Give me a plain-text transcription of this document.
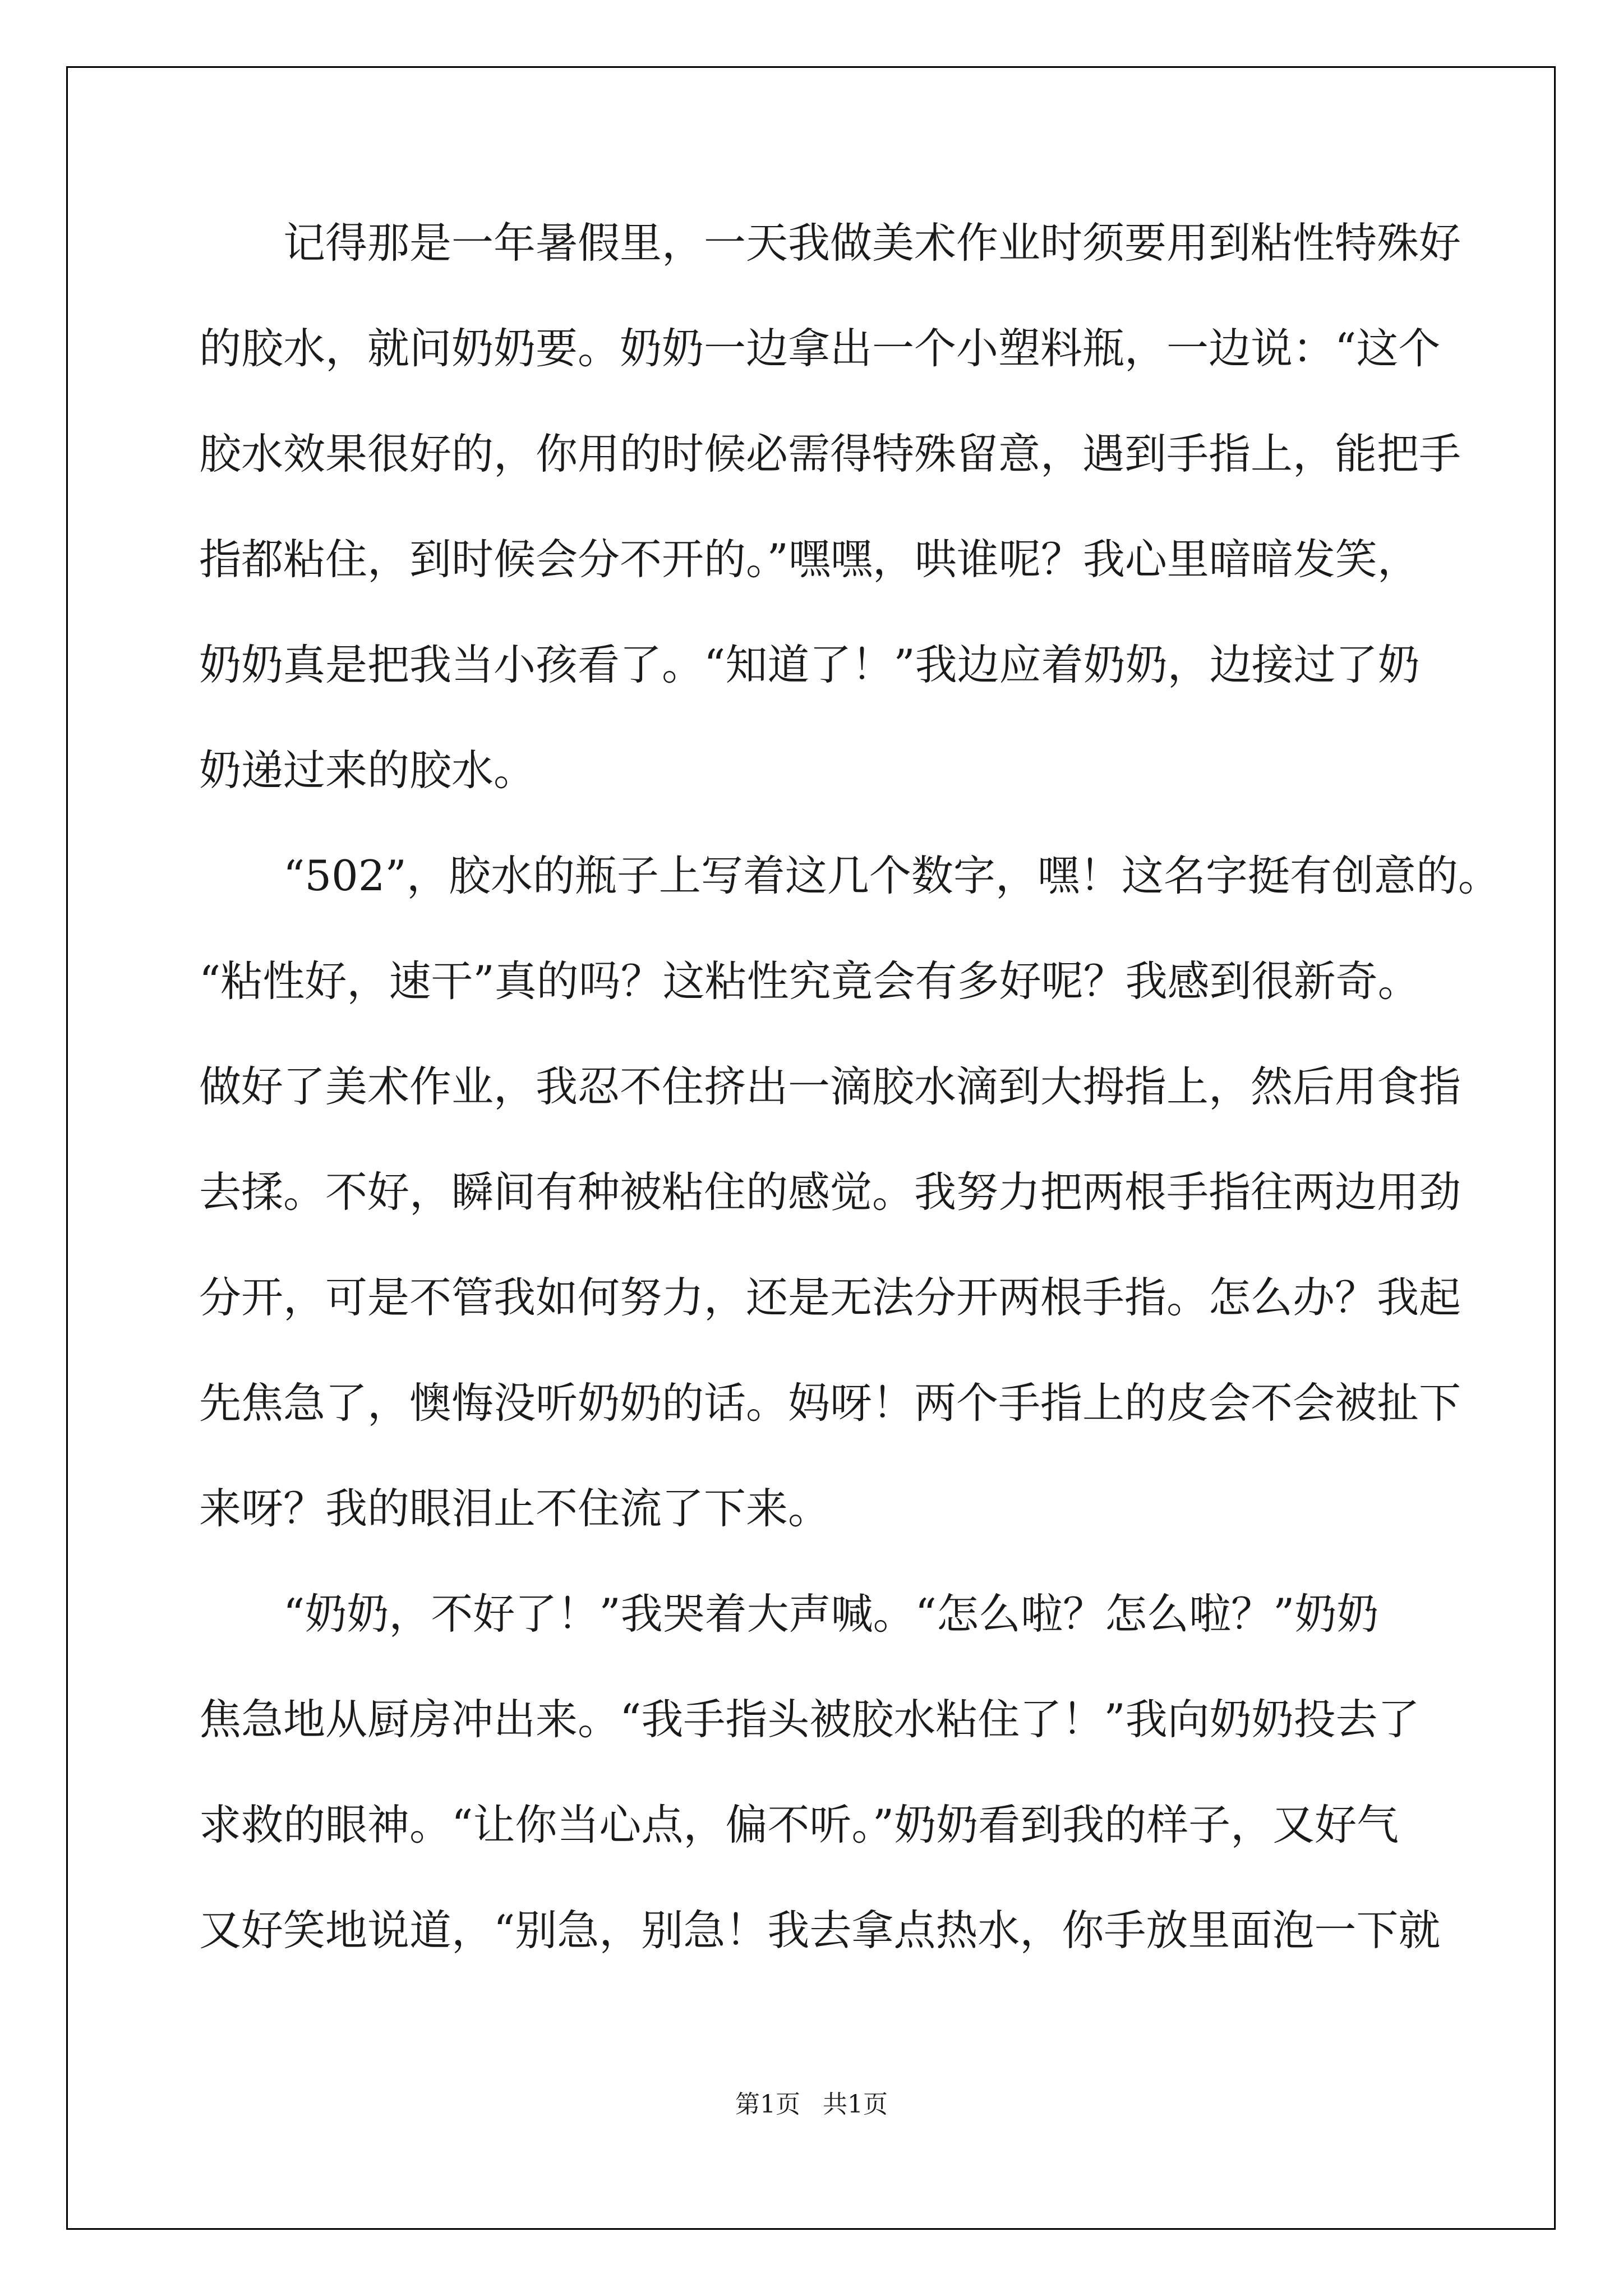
记得那是一年暑假里，一天我做美术作业时须要用到粘性特殊好
的胶水，就问奶奶要。奶奶一边拿出一个小塑料瓶，一边说：“这个
胶水效果很好的，你用的时候必需得特殊留意，遇到手指上，能把手
指都粘住，到时候会分不开的。”嘿嘿，哄谁呢？我心里暗暗发笑，
奶奶真是把我当小孩看了。“知道了！”我边应着奶奶，边接过了奶
奶递过来的胶水。
“502”，胶水的瓶子上写着这几个数字，嘿！这名字挺有创意的。
“粘性好，速干”真的吗？这粘性究竟会有多好呢？我感到很新奇。
做好了美术作业，我忍不住挤出一滴胶水滴到大拇指上，然后用食指
去揉。不好，瞬间有种被粘住的感觉。我努力把两根手指往两边用劲
分开，可是不管我如何努力，还是无法分开两根手指。怎么办？我起
先焦急了，懊悔没听奶奶的话。妈呀！两个手指上的皮会不会被扯下
来呀？我的眼泪止不住流了下来。
“奶奶，不好了！”我哭着大声喊。“怎么啦？怎么啦？”奶奶
焦急地从厨房冲出来。“我手指头被胶水粘住了！”我向奶奶投去了
求救的眼神。“让你当心点，偏不听。”奶奶看到我的样子，又好气
又好笑地说道，“别急，别急！我去拿点热水，你手放里面泡一下就
第1页 共1页
